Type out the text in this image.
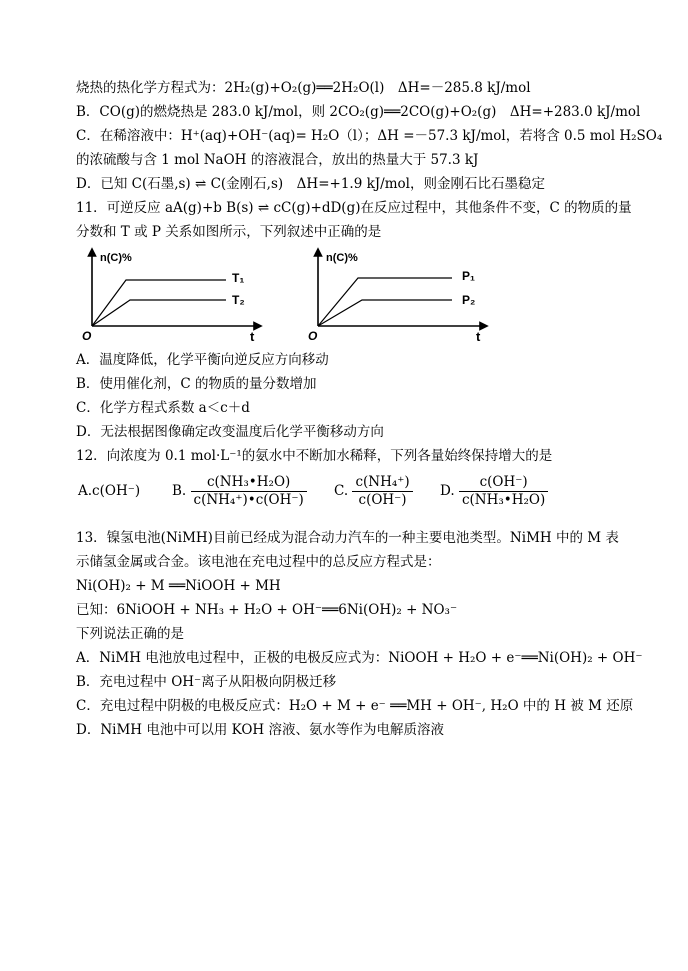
烧热的热化学方程式为：2H₂(g)+O₂(g)══2H₂O(l)　ΔH=－285.8 kJ/mol
B．CO(g)的燃烧热是 283.0 kJ/mol，则 2CO₂(g)══2CO(g)+O₂(g)　ΔH=+283.0 kJ/mol
C．在稀溶液中：H⁺(aq)+OH⁻(aq)= H₂O（l）；ΔH =－57.3 kJ/mol，若将含 0.5 mol H₂SO₄
的浓硫酸与含 1 mol NaOH 的溶液混合，放出的热量大于 57.3 kJ
D．已知 C(石墨,s) ⇌ C(金刚石,s)　ΔH=+1.9 kJ/mol，则金刚石比石墨稳定
11．可逆反应 aA(g)+b B(s) ⇌ cC(g)+dD(g)在反应过程中，其他条件不变，C 的物质的量
分数和 T 或 P 关系如图所示，下列叙述中正确的是
n(C)%
O	t
T₁
T₂
n(C)%
O	t
P₁
P₂
A．温度降低，化学平衡向逆反应方向移动
B．使用催化剂，C 的物质的量分数增加
C．化学方程式系数 a＜c＋d
D．无法根据图像确定改变温度后化学平衡移动方向
12．向浓度为 0.1 mol·L⁻¹的氨水中不断加水稀释，下列各量始终保持增大的是
A.c(OH⁻) B. $\frac{\text{c(NH₃•H₂O)}}{\text{c(NH₄⁺)•c(OH⁻)}} C$. $\frac{\text{c(NH₄⁺)}}{c(OH^-)} D$. $\frac{c(OH^-)}{\text{c(NH₃•H₂O)}}$
13．镍氢电池(NiMH)目前已经成为混合动力汽车的一种主要电池类型。NiMH 中的 M 表
示储氢金属或合金。该电池在充电过程中的总反应方程式是：
Ni(OH)₂ + M ══NiOOH + MH
已知：6NiOOH + NH₃ + H₂O + OH⁻══6Ni(OH)₂ + NO₃⁻
下列说法正确的是
A．NiMH 电池放电过程中，正极的电极反应式为：NiOOH + H₂O + e⁻══Ni(OH)₂ + OH⁻
B．充电过程中 OH⁻离子从阳极向阴极迁移
C．充电过程中阴极的电极反应式：H₂O + M + e⁻ ══MH + OH⁻, H₂O 中的 H 被 M 还原
D．NiMH 电池中可以用 KOH 溶液、氨水等作为电解质溶液
